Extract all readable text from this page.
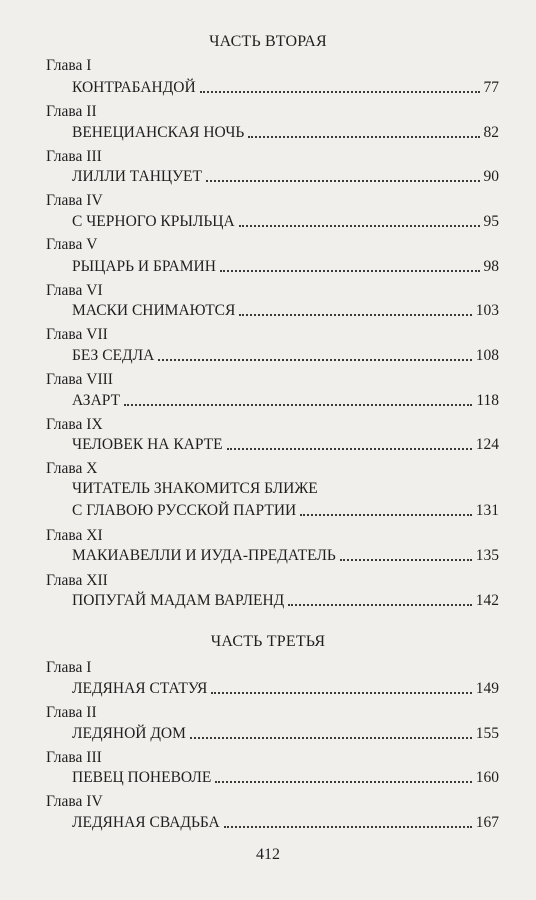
ЧАСТЬ ВТОРАЯ
Глава I
КОНТРАБАНДОЙ	77
Глава II
ВЕНЕЦИАНСКАЯ НОЧЬ	82
Глава III
ЛИЛЛИ ТАНЦУЕТ	90
Глава IV
С ЧЕРНОГО КРЫЛЬЦА	95
Глава V
РЫЦАРЬ И БРАМИН	98
Глава VI
МАСКИ СНИМАЮТСЯ	103
Глава VII
БЕЗ СЕДЛА	108
Глава VIII
АЗАРТ	118
Глава IX
ЧЕЛОВЕК НА КАРТЕ	124
Глава X
ЧИТАТЕЛЬ ЗНАКОМИТСЯ БЛИЖЕ
С ГЛАВОЮ РУССКОЙ ПАРТИИ	131
Глава XI
МАКИАВЕЛЛИ И ИУДА-ПРЕДАТЕЛЬ	135
Глава XII
ПОПУГАЙ МАДАМ ВАРЛЕНД	142
ЧАСТЬ ТРЕТЬЯ
Глава I
ЛЕДЯНАЯ СТАТУЯ	149
Глава II
ЛЕДЯНОЙ ДОМ	155
Глава III
ПЕВЕЦ ПОНЕВОЛЕ	160
Глава IV
ЛЕДЯНАЯ СВАДЬБА	167
412
